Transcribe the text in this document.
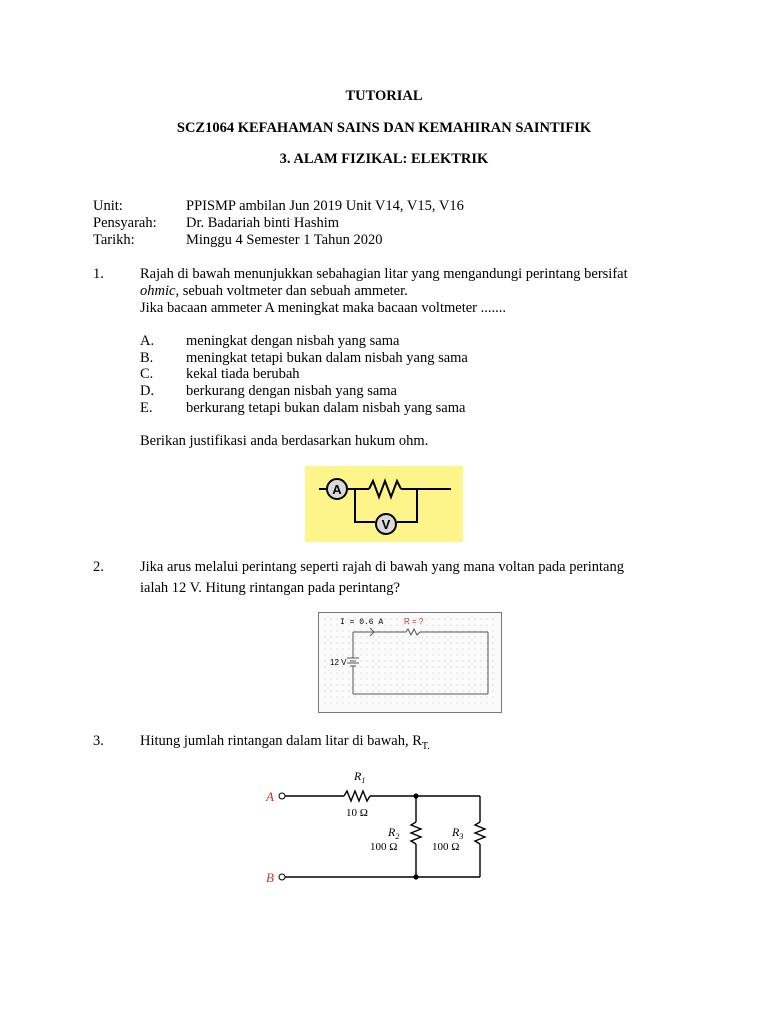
TUTORIAL
SCZ1064 KEFAHAMAN SAINS DAN KEMAHIRAN SAINTIFIK
3. ALAM FIZIKAL: ELEKTRIK
Unit:	PPISMP ambilan Jun 2019 Unit V14, V15, V16
Pensyarah: Dr. Badariah binti Hashim
Tarikh:	Minggu 4 Semester 1 Tahun 2020
1. Rajah di bawah menunjukkan sebahagian litar yang mengandungi perintang bersifat
ohmic, sebuah voltmeter dan sebuah ammeter.
Jika bacaan ammeter A meningkat maka bacaan voltmeter .......
A. meningkat dengan nisbah yang sama
B. meningkat tetapi bukan dalam nisbah yang sama
C. kekal tiada berubah
D. berkurang dengan nisbah yang sama
E. berkurang tetapi bukan dalam nisbah yang sama
Berikan justifikasi anda berdasarkan hukum ohm.
A
V
2. Jika arus melalui perintang seperti rajah di bawah yang mana voltan pada perintang
ialah 12 V. Hitung rintangan pada perintang?
I = 0.6 A	R = ?
12 V
3. Hitung jumlah rintangan dalam litar di bawah, $R_{T.}$
A
B
$R_1$
10 Ω
$R_2$
100 Ω
$R_3$
100 Ω
